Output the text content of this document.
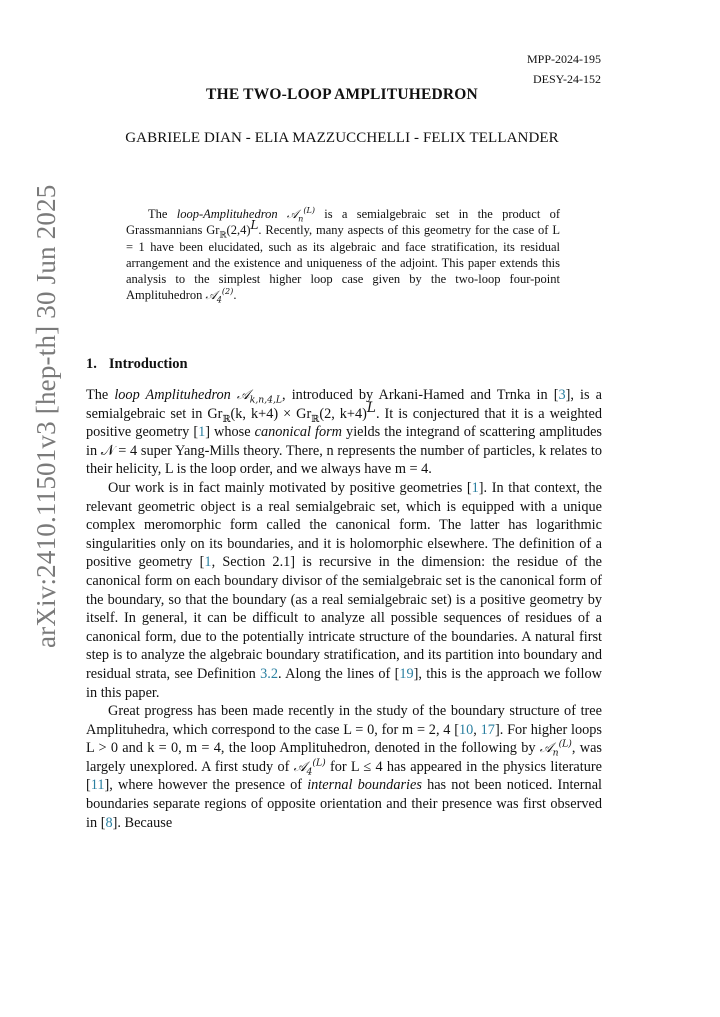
arXiv:2410.11501v3 [hep-th] 30 Jun 2025
MPP-2024-195
DESY-24-152
THE TWO-LOOP AMPLITUHEDRON
GABRIELE DIAN - ELIA MAZZUCCHELLI - FELIX TELLANDER

The loop-Amplituhedron 𝒜$_n^{(L)}$ is a semialgebraic set in the product of Grassmannians $Gr_ℝ(2,4)^L$. Recently, many aspects of this geometry for the case of L = 1 have been elucidated, such as its algebraic and face stratification, its residual arrangement and the existence and uniqueness of the adjoint. This paper extends this analysis to the simplest higher loop case given by the two-loop four-point Amplituhedron 𝒜$_4^{(2)}$.

1. Introduction

The loop Amplituhedron 𝒜$_{k,n,4,L}$, introduced by Arkani-Hamed and Trnka in [3], is a semialgebraic set in $Gr_ℝ(k$, $k+4) \times Gr_ℝ(2$, k+4)$^L$. It is conjectured that it is a weighted positive geometry [1] whose canonical form yields the integrand of scattering amplitudes in 𝒩 = 4 super Yang-Mills theory. There, n represents the number of particles, k relates to their helicity, L is the loop order, and we always have m = 4.

Our work is in fact mainly motivated by positive geometries [1]. In that context, the relevant geometric object is a real semialgebraic set, which is equipped with a unique complex meromorphic form called the canonical form. The latter has logarithmic singularities only on its boundaries, and it is holomorphic elsewhere. The definition of a positive geometry [1, Section 2.1] is recursive in the dimension: the residue of the canonical form on each boundary divisor of the semialgebraic set is the canonical form of the boundary, so that the boundary (as a real semialgebraic set) is a positive geometry by itself. In general, it can be difficult to analyze all possible sequences of residues of a canonical form, due to the potentially intricate structure of the boundaries. A natural first step is to analyze the algebraic boundary stratification, and its partition into boundary and residual strata, see Definition 3.2. Along the lines of [19], this is the approach we follow in this paper.

Great progress has been made recently in the study of the boundary structure of tree Amplituhedra, which correspond to the case L = 0, for m = 2, 4 [10, 17]. For higher loops L > 0 and k = 0, m = 4, the loop Amplituhedron, denoted in the following by 𝒜$_n^{(L)}$, was largely unexplored. A first study of 𝒜$_4^{(L)}$ for L ≤ 4 has appeared in the physics literature [11], where however the presence of internal boundaries has not been noticed. Internal boundaries separate regions of opposite orientation and their presence was first observed in [8]. Because
